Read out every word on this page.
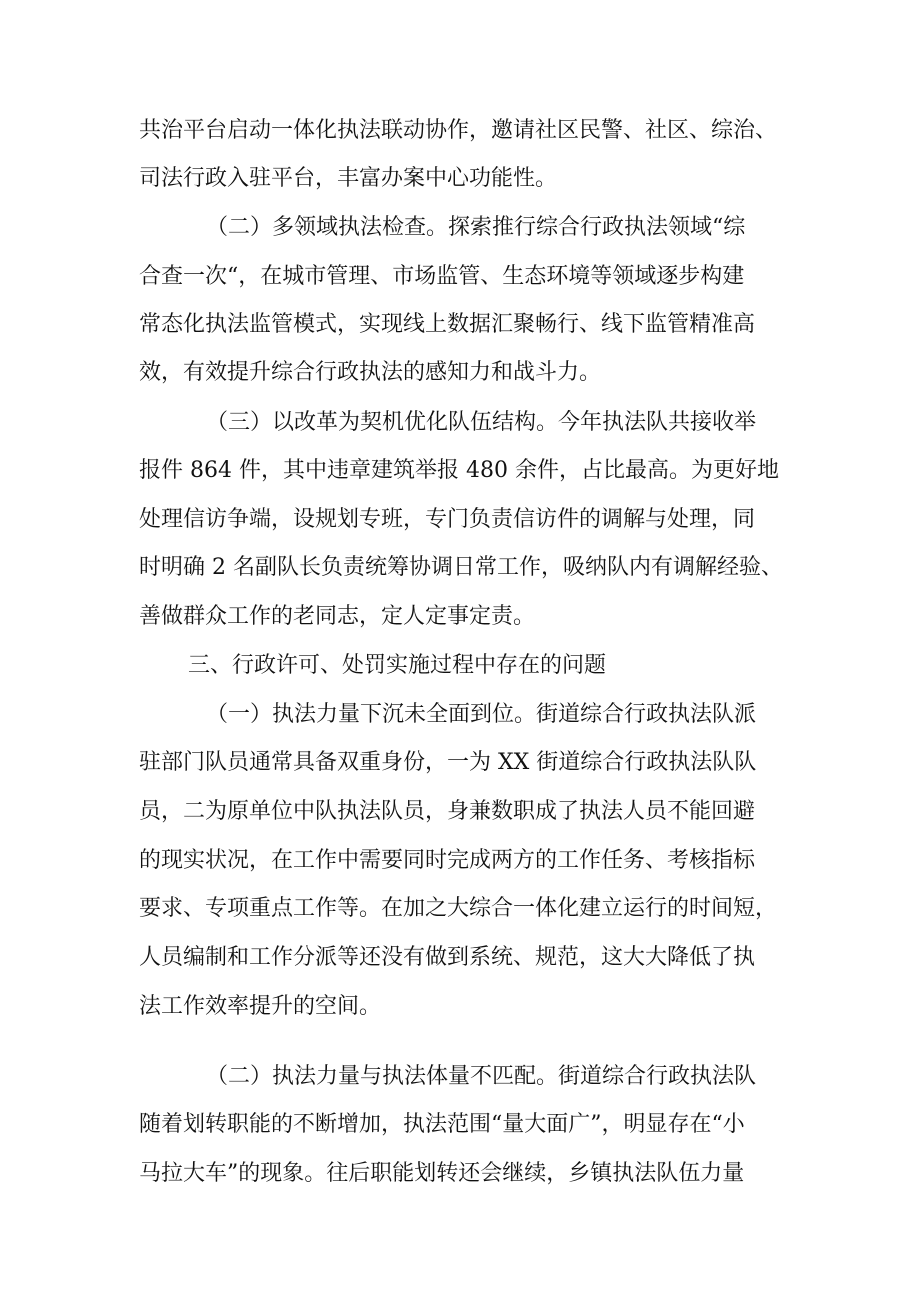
共治平台启动一体化执法联动协作，邀请社区民警、社区、综治、
司法行政入驻平台，丰富办案中心功能性。
（二）多领域执法检查。探索推行综合行政执法领域“综
合查一次“，在城市管理、市场监管、生态环境等领域逐步构建
常态化执法监管模式，实现线上数据汇聚畅行、线下监管精准高
效，有效提升综合行政执法的感知力和战斗力。
（三）以改革为契机优化队伍结构。今年执法队共接收举
报件 864 件，其中违章建筑举报 480 余件，占比最高。为更好地
处理信访争端，设规划专班，专门负责信访件的调解与处理，同
时明确 2 名副队长负责统筹协调日常工作，吸纳队内有调解经验、
善做群众工作的老同志，定人定事定责。
三、行政许可、处罚实施过程中存在的问题
（一）执法力量下沉未全面到位。街道综合行政执法队派
驻部门队员通常具备双重身份，一为 XX 街道综合行政执法队队
员，二为原单位中队执法队员，身兼数职成了执法人员不能回避
的现实状况，在工作中需要同时完成两方的工作任务、考核指标
要求、专项重点工作等。在加之大综合一体化建立运行的时间短，
人员编制和工作分派等还没有做到系统、规范，这大大降低了执
法工作效率提升的空间。
（二）执法力量与执法体量不匹配。街道综合行政执法队
随着划转职能的不断增加，执法范围“量大面广”，明显存在“小
马拉大车”的现象。往后职能划转还会继续，乡镇执法队伍力量
